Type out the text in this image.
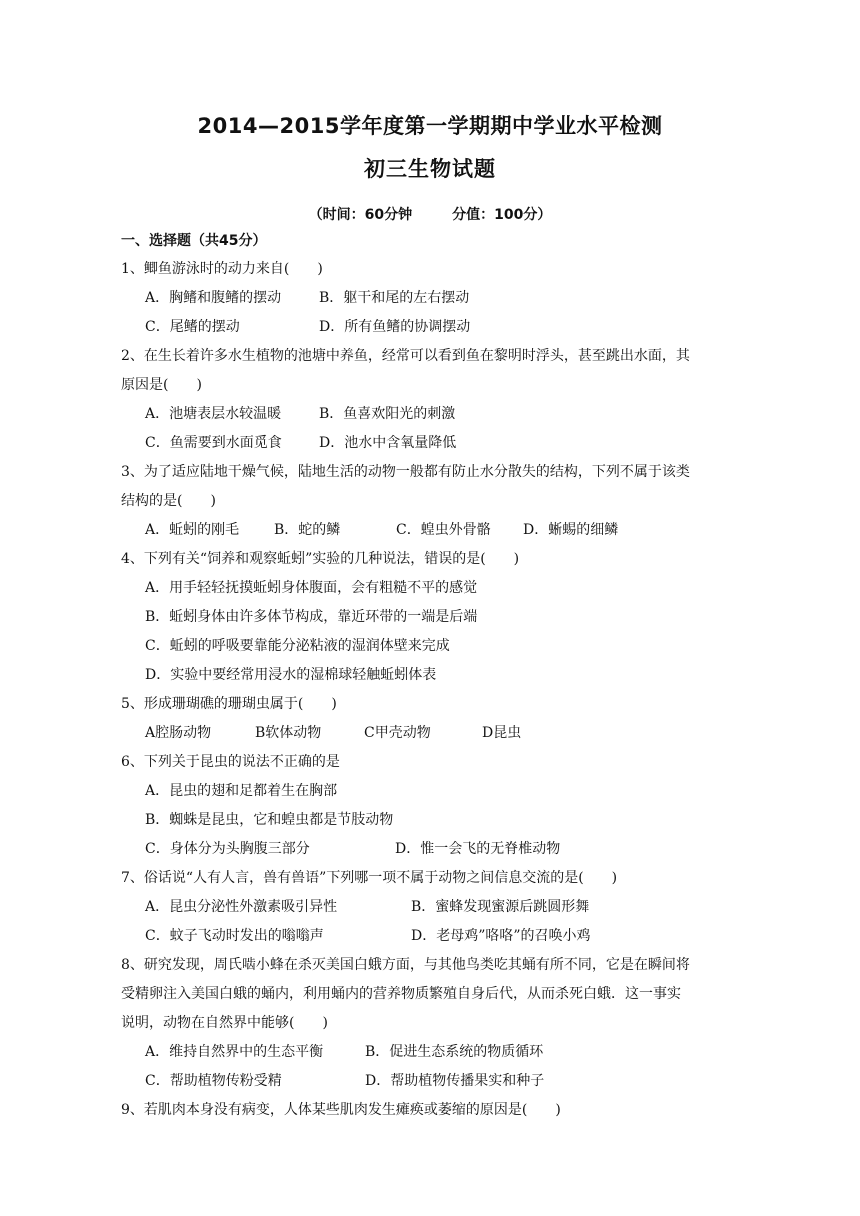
2014—2015学年度第一学期期中学业水平检测
初三生物试题
（时间：60分钟	分值：100分）
一、选择题（共45分）
1、鲫鱼游泳时的动力来自(　　)
A．胸鳍和腹鳍的摆动	B．躯干和尾的左右摆动
C．尾鳍的摆动	D．所有鱼鳍的协调摆动
2、在生长着许多水生植物的池塘中养鱼，经常可以看到鱼在黎明时浮头，甚至跳出水面，其
原因是(　　)
A．池塘表层水较温暖	B．鱼喜欢阳光的刺激
C．鱼需要到水面觅食	D．池水中含氧量降低
3、为了适应陆地干燥气候，陆地生活的动物一般都有防止水分散失的结构，下列不属于该类
结构的是(　　)
A．蚯蚓的刚毛 B．蛇的鳞	C．蝗虫外骨骼 D．蜥蜴的细鳞
4、下列有关“饲养和观察蚯蚓”实验的几种说法，错误的是(　　)
A．用手轻轻抚摸蚯蚓身体腹面，会有粗糙不平的感觉
B．蚯蚓身体由许多体节构成，靠近环带的一端是后端
C．蚯蚓的呼吸要靠能分泌粘液的湿润体壁来完成
D．实验中要经常用浸水的湿棉球轻触蚯蚓体表
5、形成珊瑚礁的珊瑚虫属于(　　)
A腔肠动物	B软体动物	C甲壳动物	D昆虫
6、下列关于昆虫的说法不正确的是
A．昆虫的翅和足都着生在胸部
B．蜘蛛是昆虫，它和蝗虫都是节肢动物
C．身体分为头胸腹三部分	D．惟一会飞的无脊椎动物
7、俗话说“人有人言，兽有兽语”下列哪一项不属于动物之间信息交流的是(　　)
A．昆虫分泌性外激素吸引异性	B．蜜蜂发现蜜源后跳圆形舞
C．蚊子飞动时发出的嗡嗡声	D．老母鸡”咯咯”的召唤小鸡
8、研究发现，周氏啮小蜂在杀灭美国白蛾方面，与其他鸟类吃其蛹有所不同，它是在瞬间将
受精卵注入美国白蛾的蛹内，利用蛹内的营养物质繁殖自身后代，从而杀死白蛾．这一事实
说明，动物在自然界中能够(　　)
A．维持自然界中的生态平衡	B．促进生态系统的物质循环
C．帮助植物传粉受精	D．帮助植物传播果实和种子
9、若肌肉本身没有病变，人体某些肌肉发生瘫痪或萎缩的原因是(　　)
